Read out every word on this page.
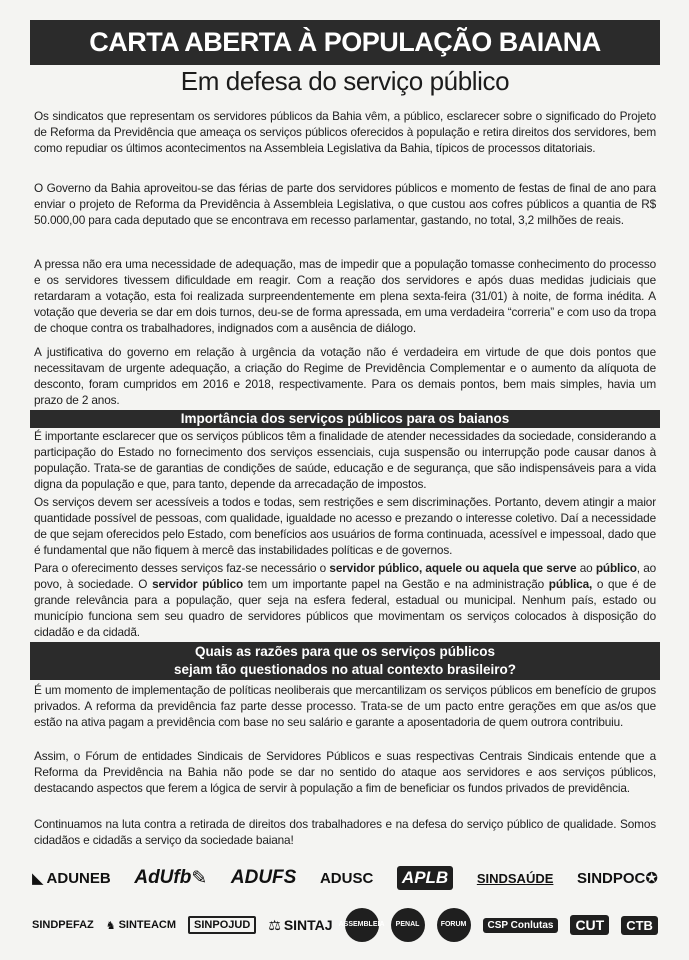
CARTA ABERTA À POPULAÇÃO BAIANA
Em defesa do serviço público

Os sindicatos que representam os servidores públicos da Bahia vêm, a público, esclarecer sobre o significado do Projeto de Reforma da Previdência que ameaça os serviços públicos oferecidos à população e retira direitos dos servidores, bem como repudiar os últimos acontecimentos na Assembleia Legislativa da Bahia, típicos de processos ditatoriais.

O Governo da Bahia aproveitou-se das férias de parte dos servidores públicos e momento de festas de final de ano para enviar o projeto de Reforma da Previdência à Assembleia Legislativa, o que custou aos cofres públicos a quantia de R$ 50.000,00 para cada deputado que se encontrava em recesso parlamentar, gastando, no total, 3,2 milhões de reais.

A pressa não era uma necessidade de adequação, mas de impedir que a população tomasse conhecimento do processo e os servidores tivessem dificuldade em reagir. Com a reação dos servidores e após duas medidas judiciais que retardaram a votação, esta foi realizada surpreendentemente em plena sexta-feira (31/01) à noite, de forma inédita. A votação que deveria se dar em dois turnos, deu-se de forma apressada, em uma verdadeira “correria” e com uso da tropa de choque contra os trabalhadores, indignados com a ausência de diálogo.

A justificativa do governo em relação à urgência da votação não é verdadeira em virtude de que dois pontos que necessitavam de urgente adequação, a criação do Regime de Previdência Complementar e o aumento da alíquota de desconto, foram cumpridos em 2016 e 2018, respectivamente. Para os demais pontos, bem mais simples, havia um prazo de 2 anos.

Importância dos serviços públicos para os baianos

É importante esclarecer que os serviços públicos têm a finalidade de atender necessidades da sociedade, considerando a participação do Estado no fornecimento dos serviços essenciais, cuja suspensão ou interrupção pode causar danos à população. Trata-se de garantias de condições de saúde, educação e de segurança, que são indispensáveis para a vida digna da população e que, para tanto, depende da arrecadação de impostos.

Os serviços devem ser acessíveis a todos e todas, sem restrições e sem discriminações. Portanto, devem atingir a maior quantidade possível de pessoas, com qualidade, igualdade no acesso e prezando o interesse coletivo. Daí a necessidade de que sejam oferecidos pelo Estado, com benefícios aos usuários de forma continuada, acessível e impessoal, dado que é fundamental que não fiquem à mercê das instabilidades políticas e de governos.

Para o oferecimento desses serviços faz-se necessário o servidor público, aquele ou aquela que serve ao público, ao povo, à sociedade. O servidor público tem um importante papel na Gestão e na administração pública, o que é de grande relevância para a população, quer seja na esfera federal, estadual ou municipal. Nenhum país, estado ou município funciona sem seu quadro de servidores públicos que movimentam os serviços colocados à disposição do cidadão e da cidadã.

Quais as razões para que os serviços públicos
sejam tão questionados no atual contexto brasileiro?

É um momento de implementação de políticas neoliberais que mercantilizam os serviços públicos em benefício de grupos privados. A reforma da previdência faz parte desse processo. Trata-se de um pacto entre gerações em que as/os que estão na ativa pagam a previdência com base no seu salário e garante a aposentadoria de quem outrora contribuiu.

Assim, o Fórum de entidades Sindicais de Servidores Públicos e suas respectivas Centrais Sindicais entende que a Reforma da Previdência na Bahia não pode se dar no sentido do ataque aos servidores e aos serviços públicos, destacando aspectos que ferem a lógica de servir à população a fim de beneficiar os fundos privados de previdência.

Continuamos na luta contra a retirada de direitos dos trabalhadores e na defesa do serviço público de qualidade. Somos cidadãos e cidadãs a serviço da sociedade baiana!

◣ ADUNEB AdUfb ✎ ADUFS ADUSC APLB SINDSAÚDE SINDPOC ✪
SINDPEFAZ ♞ SINTEACM SINPOJUD ⚖ SINTAJ ASSEMBLEIA PENAL	FORUM CSP Conlutas CUT CTB
